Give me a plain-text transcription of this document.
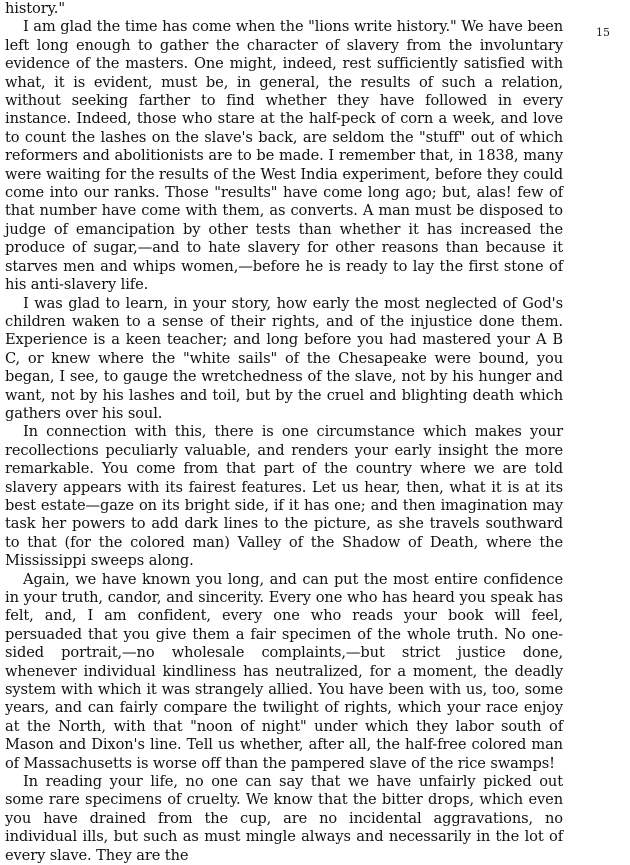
history."

I am glad the time has come when the "lions write history." We have been left long enough to gather the character of slavery from the involuntary evidence of the masters. One might, indeed, rest sufficiently satisfied with what, it is evident, must be, in general, the results of such a relation, without seeking farther to find whether they have followed in every instance. Indeed, those who stare at the half-peck of corn a week, and love to count the lashes on the slave's back, are seldom the "stuff" out of which reformers and abolitionists are to be made. I remember that, in 1838, many were waiting for the results of the West India experiment, before they could come into our ranks. Those "results" have come long ago; but, alas! few of that number have come with them, as converts. A man must be disposed to judge of emancipation by other tests than whether it has increased the produce of sugar,—and to hate slavery for other reasons than because it starves men and whips women,—before he is ready to lay the first stone of his anti-slavery life.

I was glad to learn, in your story, how early the most neglected of God's children waken to a sense of their rights, and of the injustice done them. Experience is a keen teacher; and long before you had mastered your A B C, or knew where the "white sails" of the Chesapeake were bound, you began, I see, to gauge the wretchedness of the slave, not by his hunger and want, not by his lashes and toil, but by the cruel and blighting death which gathers over his soul.

In connection with this, there is one circumstance which makes your recollections peculiarly valuable, and renders your early insight the more remarkable. You come from that part of the country where we are told slavery appears with its fairest features. Let us hear, then, what it is at its best estate—gaze on its bright side, if it has one; and then imagination may task her powers to add dark lines to the picture, as she travels southward to that (for the colored man) Valley of the Shadow of Death, where the Mississippi sweeps along.

Again, we have known you long, and can put the most entire confidence in your truth, candor, and sincerity. Every one who has heard you speak has felt, and, I am confident, every one who reads your book will feel, persuaded that you give them a fair specimen of the whole truth. No one-sided portrait,—no wholesale complaints,—but strict justice done, whenever individual kindliness has neutralized, for a moment, the deadly system with which it was strangely allied. You have been with us, too, some years, and can fairly compare the twilight of rights, which your race enjoy at the North, with that "noon of night" under which they labor south of Mason and Dixon's line. Tell us whether, after all, the half-free colored man of Massachusetts is worse off than the pampered slave of the rice swamps!

In reading your life, no one can say that we have unfairly picked out some rare specimens of cruelty. We know that the bitter drops, which even you have drained from the cup, are no incidental aggravations, no individual ills, but such as must mingle always and necessarily in the lot of every slave. They are the

15
